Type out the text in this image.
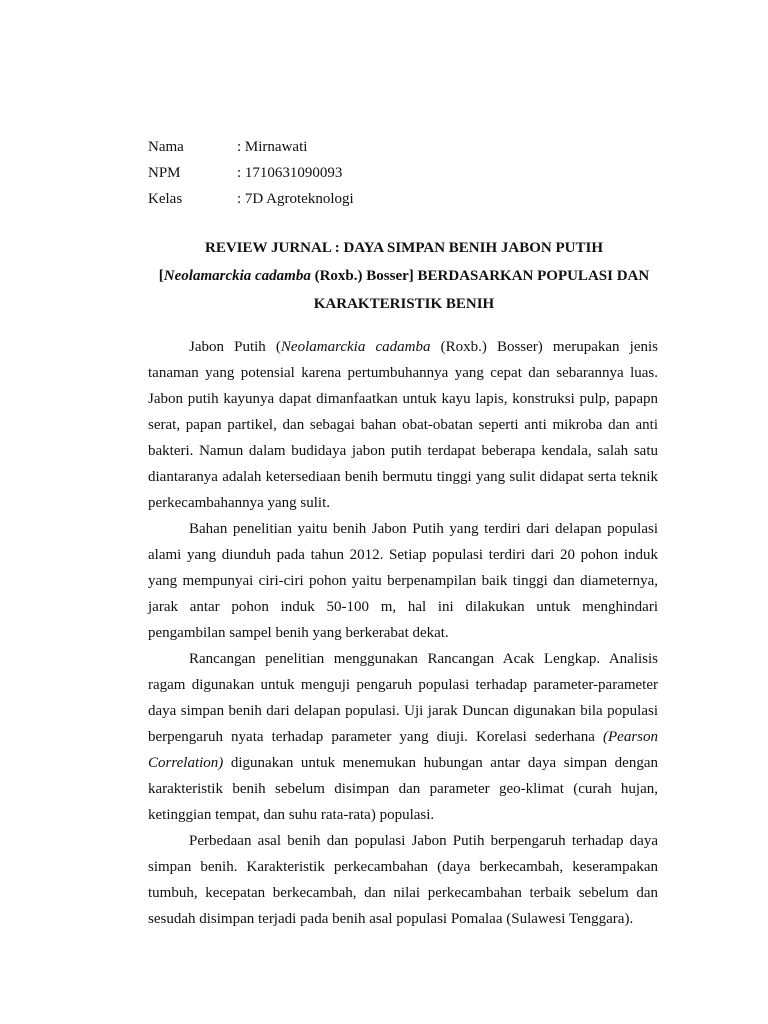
Nama	: Mirnawati
NPM	: 1710631090093
Kelas	: 7D Agroteknologi
REVIEW JURNAL : DAYA SIMPAN BENIH JABON PUTIH
[Neolamarckia cadamba (Roxb.) Bosser] BERDASARKAN POPULASI DAN
KARAKTERISTIK BENIH
Jabon Putih (Neolamarckia cadamba (Roxb.) Bosser) merupakan jenis
tanaman yang potensial karena pertumbuhannya yang cepat dan sebarannya luas.
Jabon putih kayunya dapat dimanfaatkan untuk kayu lapis, konstruksi pulp, papapn
serat, papan partikel, dan sebagai bahan obat-obatan seperti anti mikroba dan anti
bakteri. Namun dalam budidaya jabon putih terdapat beberapa kendala, salah satu
diantaranya adalah ketersediaan benih bermutu tinggi yang sulit didapat serta teknik
perkecambahannya yang sulit.
Bahan penelitian yaitu benih Jabon Putih yang terdiri dari delapan populasi
alami yang diunduh pada tahun 2012. Setiap populasi terdiri dari 20 pohon induk
yang mempunyai ciri-ciri pohon yaitu berpenampilan baik tinggi dan diameternya,
jarak antar pohon induk 50-100 m, hal ini dilakukan untuk menghindari
pengambilan sampel benih yang berkerabat dekat.
Rancangan penelitian menggunakan Rancangan Acak Lengkap. Analisis
ragam digunakan untuk menguji pengaruh populasi terhadap parameter-parameter
daya simpan benih dari delapan populasi. Uji jarak Duncan digunakan bila populasi
berpengaruh nyata terhadap parameter yang diuji. Korelasi sederhana (Pearson
Correlation) digunakan untuk menemukan hubungan antar daya simpan dengan
karakteristik benih sebelum disimpan dan parameter geo-klimat (curah hujan,
ketinggian tempat, dan suhu rata-rata) populasi.
Perbedaan asal benih dan populasi Jabon Putih berpengaruh terhadap daya
simpan benih. Karakteristik perkecambahan (daya berkecambah, keserampakan
tumbuh, kecepatan berkecambah, dan nilai perkecambahan terbaik sebelum dan
sesudah disimpan terjadi pada benih asal populasi Pomalaa (Sulawesi Tenggara).
